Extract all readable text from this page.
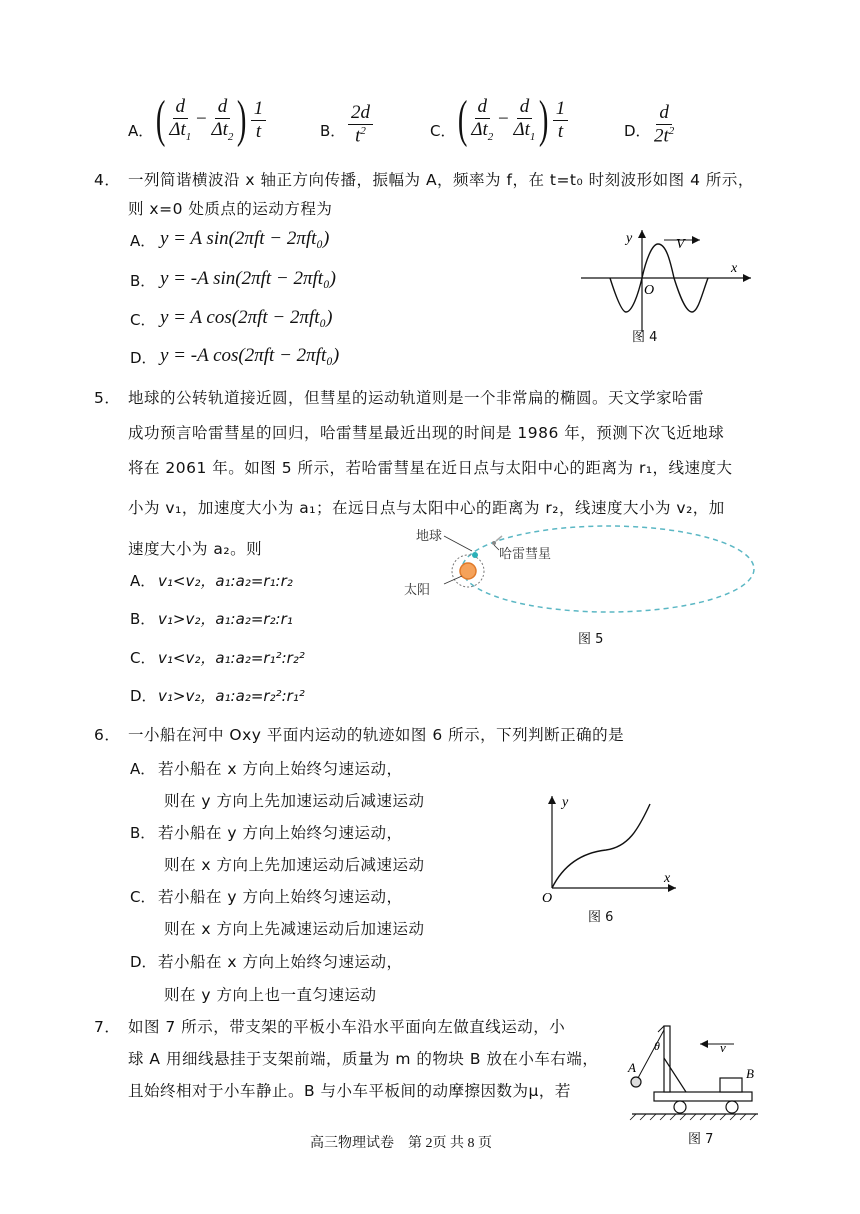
A． ( $\frac{d}{\Delta t_1} - \frac{d}{\Delta t_2}$ ) $\frac{1}{t}$	B． $\frac{2d}{t^2}$	C． ( $\frac{d}{\Delta t_2} - \frac{d}{\Delta t_1}$ ) $\frac{1}{t}$	D． $\frac{d}{2t^2}$
4． 一列简谐横波沿 x 轴正方向传播，振幅为 A，频率为 f，在 t=t₀ 时刻波形如图 4 所示，
则 x=0 处质点的运动方程为
A． y = A sin(2πft − 2πft₀)
B． y = -A sin(2πft − 2πft₀)
C． y = A cos(2πft − 2πft₀)
D． y = -A cos(2πft − 2πft₀)
y
x
O
V
图 4
5． 地球的公转轨道接近圆，但彗星的运动轨道则是一个非常扁的椭圆。天文学家哈雷
成功预言哈雷彗星的回归，哈雷彗星最近出现的时间是 1986 年，预测下次飞近地球
将在 2061 年。如图 5 所示，若哈雷彗星在近日点与太阳中心的距离为 r₁，线速度大
小为 v₁，加速度大小为 a₁；在远日点与太阳中心的距离为 r₂，线速度大小为 v₂，加
速度大小为 a₂。则
A． v₁<v₂，a₁:a₂=r₁:r₂
B． v₁>v₂，a₁:a₂=r₂:r₁
C． v₁<v₂，a₁:a₂=r₁²:r₂²
D． v₁>v₂，a₁:a₂=r₂²:r₁²
地球
哈雷彗星
太阳
图 5
6． 一小船在河中 Oxy 平面内运动的轨迹如图 6 所示，下列判断正确的是
A． 若小船在 x 方向上始终匀速运动，
则在 y 方向上先加速运动后减速运动
B． 若小船在 y 方向上始终匀速运动，
则在 x 方向上先加速运动后减速运动
C． 若小船在 y 方向上始终匀速运动，
则在 x 方向上先减速运动后加速运动
D． 若小船在 x 方向上始终匀速运动，
则在 y 方向上也一直匀速运动
y
x
O
图 6
7． 如图 7 所示，带支架的平板小车沿水平面向左做直线运动，小
球 A 用细线悬挂于支架前端，质量为 m 的物块 B 放在小车右端，
且始终相对于小车静止。B 与小车平板间的动摩擦因数为μ，若
A	B
θ	v
图 7
高三物理试卷　第 2页 共 8 页
